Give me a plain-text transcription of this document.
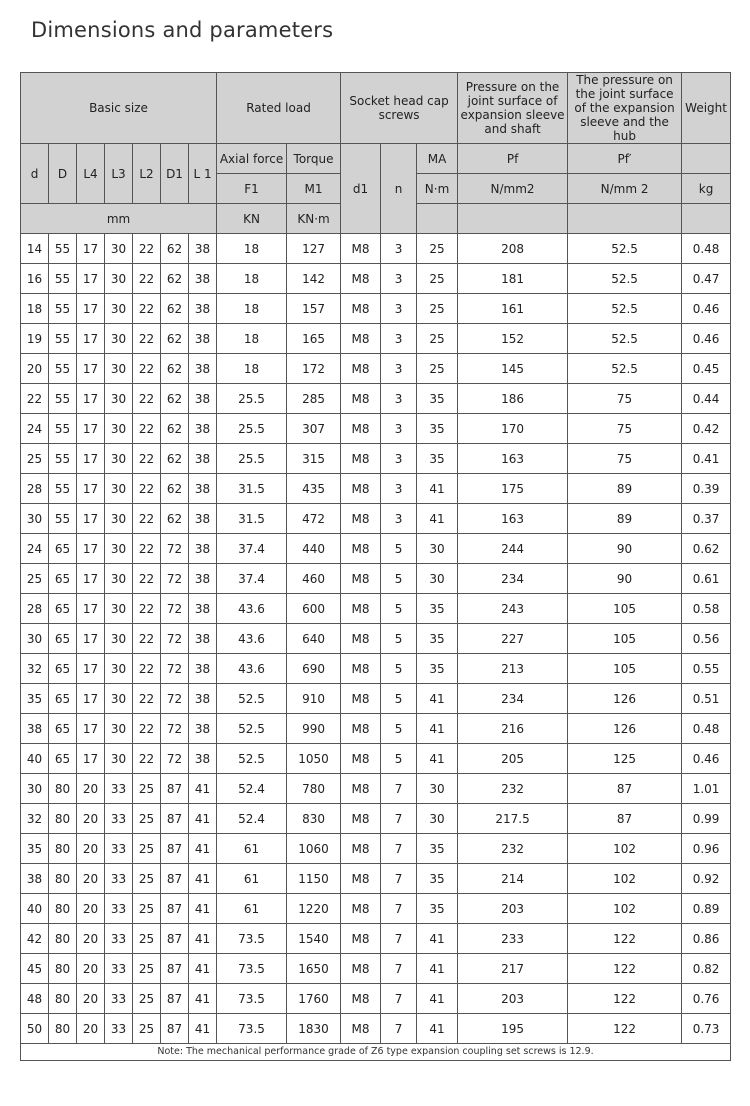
Dimensions and parameters
Basic size							Rated load		Socket head cap screws			Pressure on the joint surface of expansion sleeve and shaft	The pressure on the joint surface of the expansion sleeve and the hub	Weight
d	D	L4	L3	L2	D1	L 1	Axial force	Torque	d1	n	MA	Pf	Pf′	
							F1	M1			N·m	N/mm2	N/mm 2	kg
mm							KN	KN·m						
14	55	17	30	22	62	38	18	127	M8	3	25	208	52.5	0.48
16	55	17	30	22	62	38	18	142	M8	3	25	181	52.5	0.47
18	55	17	30	22	62	38	18	157	M8	3	25	161	52.5	0.46
19	55	17	30	22	62	38	18	165	M8	3	25	152	52.5	0.46
20	55	17	30	22	62	38	18	172	M8	3	25	145	52.5	0.45
22	55	17	30	22	62	38	25.5	285	M8	3	35	186	75	0.44
24	55	17	30	22	62	38	25.5	307	M8	3	35	170	75	0.42
25	55	17	30	22	62	38	25.5	315	M8	3	35	163	75	0.41
28	55	17	30	22	62	38	31.5	435	M8	3	41	175	89	0.39
30	55	17	30	22	62	38	31.5	472	M8	3	41	163	89	0.37
24	65	17	30	22	72	38	37.4	440	M8	5	30	244	90	0.62
25	65	17	30	22	72	38	37.4	460	M8	5	30	234	90	0.61
28	65	17	30	22	72	38	43.6	600	M8	5	35	243	105	0.58
30	65	17	30	22	72	38	43.6	640	M8	5	35	227	105	0.56
32	65	17	30	22	72	38	43.6	690	M8	5	35	213	105	0.55
35	65	17	30	22	72	38	52.5	910	M8	5	41	234	126	0.51
38	65	17	30	22	72	38	52.5	990	M8	5	41	216	126	0.48
40	65	17	30	22	72	38	52.5	1050	M8	5	41	205	125	0.46
30	80	20	33	25	87	41	52.4	780	M8	7	30	232	87	1.01
32	80	20	33	25	87	41	52.4	830	M8	7	30	217.5	87	0.99
35	80	20	33	25	87	41	61	1060	M8	7	35	232	102	0.96
38	80	20	33	25	87	41	61	1150	M8	7	35	214	102	0.92
40	80	20	33	25	87	41	61	1220	M8	7	35	203	102	0.89
42	80	20	33	25	87	41	73.5	1540	M8	7	41	233	122	0.86
45	80	20	33	25	87	41	73.5	1650	M8	7	41	217	122	0.82
48	80	20	33	25	87	41	73.5	1760	M8	7	41	203	122	0.76
50	80	20	33	25	87	41	73.5	1830	M8	7	41	195	122	0.73
Note: The mechanical performance grade of Z6 type expansion coupling set screws is 12.9.														
